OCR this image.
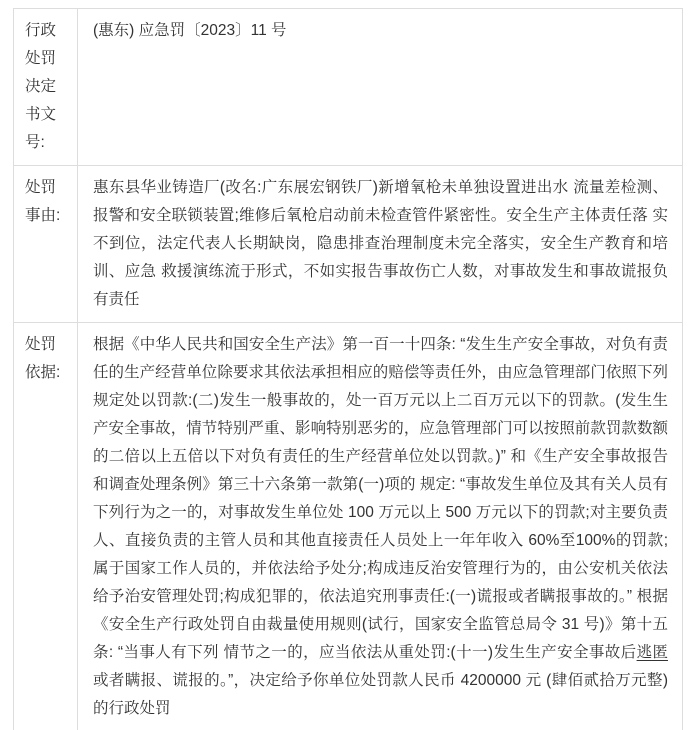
行政处罚决定书文号:	(惠东) 应急罚〔2023〕11 号
处罚事由:	惠东县华业铸造厂(改名:广东展宏钢铁厂)新增氧枪未单独设置进出水 流量差检测、报警和安全联锁装置;维修后氧枪启动前未检查管件紧密性。安全生产主体责任落 实不到位，法定代表人长期缺岗，隐患排查治理制度未完全落实，安全生产教育和培训、应急 救援演练流于形式，不如实报告事故伤亡人数，对事故发生和事故谎报负有责任
处罚依据:	根据《中华人民共和国安全生产法》第一百一十四条: “发生生产安全事故，对负有责任的生产经营单位除要求其依法承担相应的赔偿等责任外，由应急管理部门依照下列规定处以罚款:(二)发生一般事故的，处一百万元以上二百万元以下的罚款。(发生生产安全事故，情节特别严重、影响特别恶劣的，应急管理部门可以按照前款罚款数额的二倍以上五倍以下对负有责任的生产经营单位处以罚款。)” 和《生产安全事故报告和调查处理条例》第三十六条第一款第(一)项的 规定: “事故发生单位及其有关人员有下列行为之一的，对事故发生单位处 100 万元以上 500 万元以下的罚款;对主要负责人、直接负责的主管人员和其他直接责任人员处上一年年收入 60%至100%的罚款;属于国家工作人员的，并依法给予处分;构成违反治安管理行为的，由公安机关依法给予治安管理处罚;构成犯罪的，依法追究刑事责任:(一)谎报或者瞒报事故的。” 根据《安全生产行政处罚自由裁量使用规则(试行，国家安全监管总局令 31 号)》第十五条: “当事人有下列 情节之一的，应当依法从重处罚:(十一)发生生产安全事故后逃匿或者瞒报、谎报的。”，决定给予你单位处罚款人民币 4200000 元 (肆佰贰拾万元整) 的行政处罚
